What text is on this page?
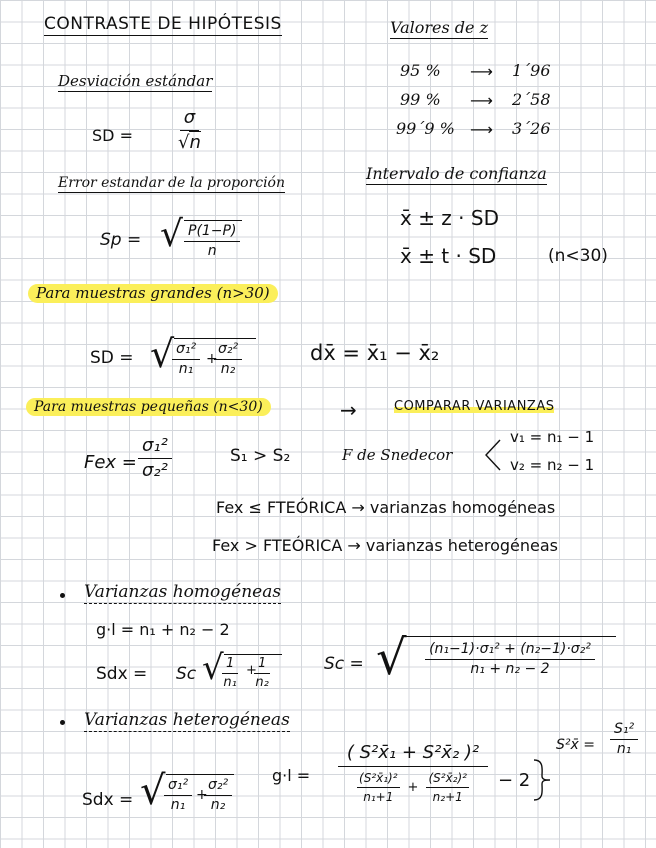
CONTRASTE DE HIPÓTESIS	Valores de z
95 % ⟶ 1´96
99 % ⟶ 2´58
99´9 % ⟶ 3´26
Desviación estándar
SD =	$\frac{\sigma}{√n}$
Error estandar de la proporción
Sp = √ $\frac{P(1-P)}{n}$
Intervalo de confianza
x̄ ± z · SD
x̄ ± t · SD	(n<30)
Para muestras grandes (n>30)
SD = √
$\frac{\text{σ₁²}}{\text{n₁}}$ +
$\frac{\text{σ₂²}}{\text{n₂}}$	dx̄ = x̄₁ − x̄₂
Para muestras pequeñas (n<30)	→	COMPARAR VARIANZAS
Fex = $\frac{\text{σ₁²}}{\text{σ₂²}}$	S₁ > S₂	F de Snedecor
v₁ = n₁ − 1
v₂ = n₂ − 1
Fex ≤ FTEÓRICA → varianzas homogéneas
Fex > FTEÓRICA → varianzas heterogéneas
Varianzas homogéneas
g·l = n₁ + n₂ − 2
Sdx = Sc √
$\frac{1}{\text{n₁}}$ +
$\frac{1}{\text{n₂}}$	Sc = √
$\frac{\text{(n₁−1)·σ₁² + (n₂−1)·σ₂²}}{\text{n₁ + n₂ − 2}}$
Varianzas heterogéneas
Sdx = √
$\frac{\text{σ₁²}}{\text{n₁}}$ +
$\frac{\text{σ₂²}}{\text{n₂}}$
g·l =
( S²x̄₁ + S²x̄₂ )²
(S²x̄₁)²
n₁+1
+ $\frac{\text{(S²x̄₂)²}}{\text{n₂+1}} - 2$
S²x̄ = $\frac{\text{S₁²}}{\text{n₁}}$
